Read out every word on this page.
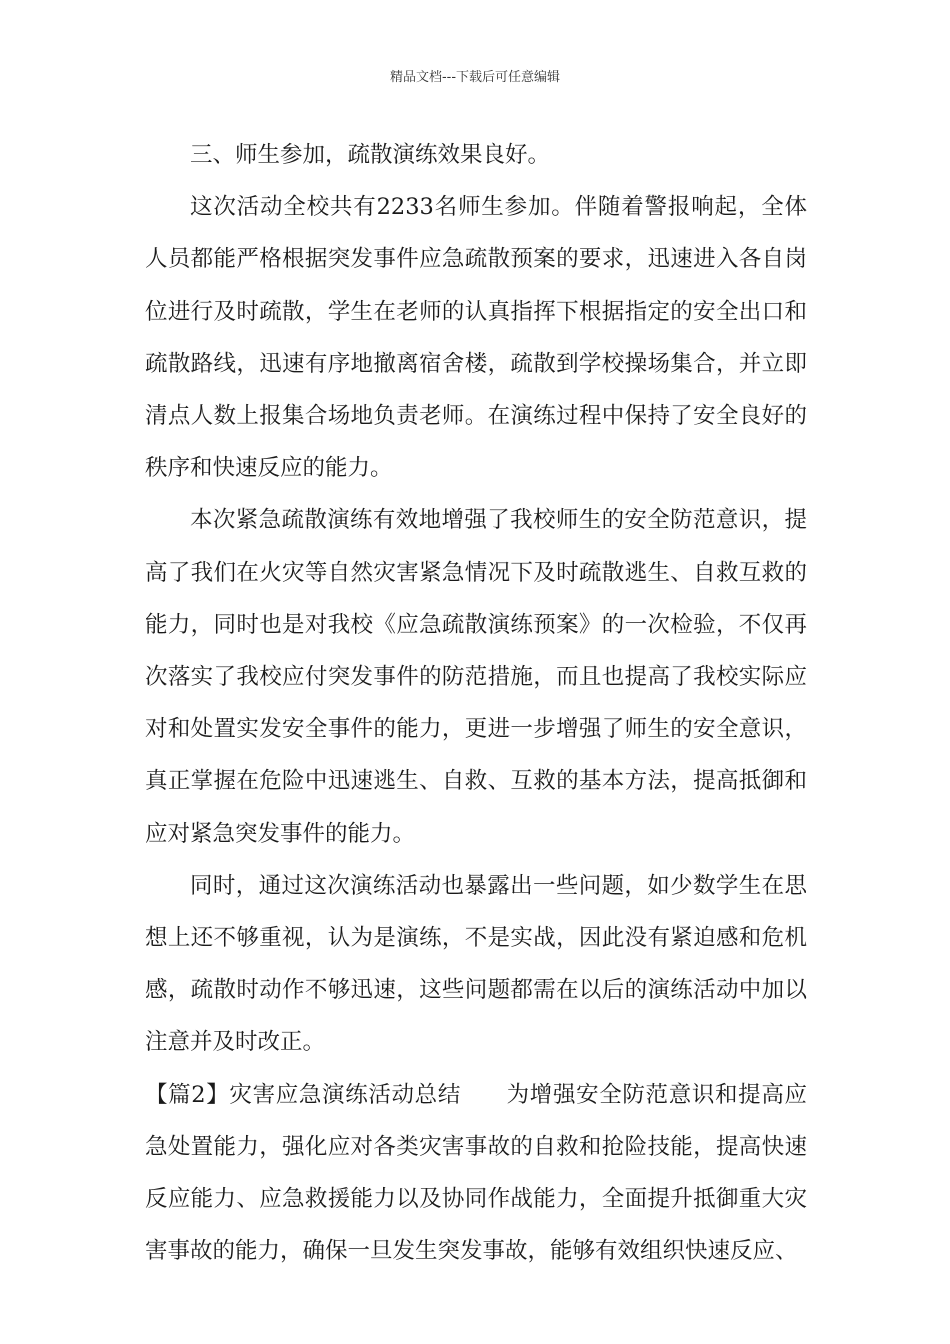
精品文档---下载后可任意编辑

三、师生参加，疏散演练效果良好。

这次活动全校共有2233名师生参加。伴随着警报响起，全体人员都能严格根据突发事件应急疏散预案的要求，迅速进入各自岗位进行及时疏散，学生在老师的认真指挥下根据指定的安全出口和疏散路线，迅速有序地撤离宿舍楼，疏散到学校操场集合，并立即清点人数上报集合场地负责老师。在演练过程中保持了安全良好的秩序和快速反应的能力。

本次紧急疏散演练有效地增强了我校师生的安全防范意识，提高了我们在火灾等自然灾害紧急情况下及时疏散逃生、自救互救的能力，同时也是对我校《应急疏散演练预案》的一次检验，不仅再次落实了我校应付突发事件的防范措施，而且也提高了我校实际应对和处置实发安全事件的能力，更进一步增强了师生的安全意识，真正掌握在危险中迅速逃生、自救、互救的基本方法，提高抵御和应对紧急突发事件的能力。

同时，通过这次演练活动也暴露出一些问题，如少数学生在思想上还不够重视，认为是演练，不是实战，因此没有紧迫感和危机感，疏散时动作不够迅速，这些问题都需在以后的演练活动中加以注意并及时改正。

【篇2】灾害应急演练活动总结 为增强安全防范意识和提高应急处置能力，强化应对各类灾害事故的自救和抢险技能，提高快速反应能力、应急救援能力以及协同作战能力，全面提升抵御重大灾害事故的能力，确保一旦发生突发事故，能够有效组织快速反应、
